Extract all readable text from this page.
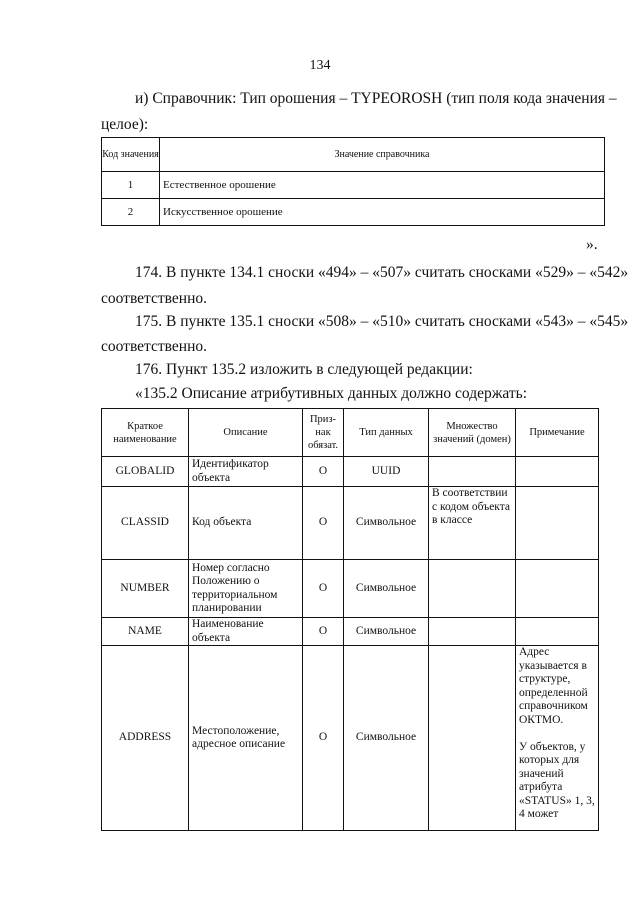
134
и) Справочник: Тип орошения – TYPEOROSH (тип поля кода значения –
целое):
Код значения	Значение справочника
1	Естественное орошение
2	Искусственное орошение
».
174. В пункте 134.1 сноски «494» – «507» считать сносками «529» – «542»
соответственно.
175. В пункте 135.1 сноски «508» – «510» считать сносками «543» – «545»
соответственно.
176. Пункт 135.2 изложить в следующей редакции:
«135.2 Описание атрибутивных данных должно содержать:
Краткое наименование	Описание	Приз-нак обязат.	Тип данных	Множество значений (домен)	Примечание
GLOBALID	Идентификатор объекта	О	UUID		
CLASSID	Код объекта	О	Символьное	В соответствии с кодом объекта в классе	
NUMBER	Номер согласно Положению о территориальном планировании	О	Символьное		
NAME	Наименование объекта	О	Символьное		
ADDRESS	Местоположение, адресное описание	О	Символьное		Адрес указывается в структуре, определенной справочником ОКТМО.

У объектов, у которых для значений атрибута «STATUS» 1, 3, 4 может
